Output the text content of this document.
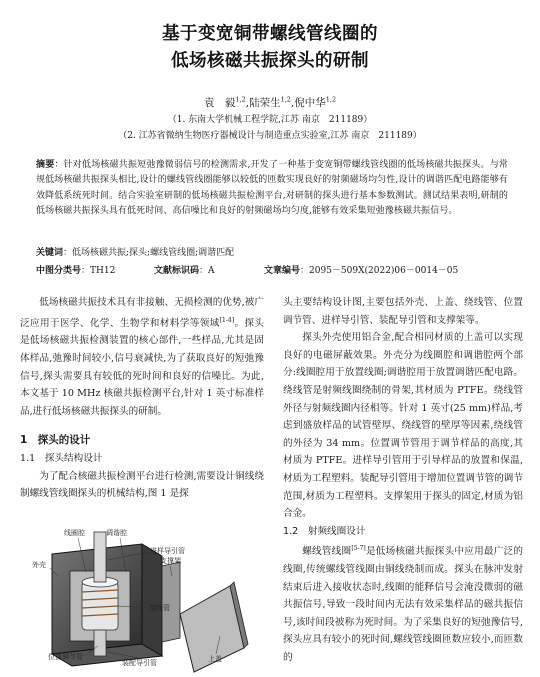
基于变宽铜带螺线管线圈的
低场核磁共振探头的研制
袁　毅$^{1,2}$,陆荣生$^{1,2}$,倪中华$^{1,2}$
（1. 东南大学机械工程学院,江苏 南京　211189）
（2. 江苏省微纳生物医疗器械设计与制造重点实验室,江苏 南京　211189）
摘要：针对低场核磁共振短弛豫微弱信号的检测需求,开发了一种基于变宽铜带螺线管线圈的低场核磁共振探头。与常规低场核磁共振探头相比,设计的螺线管线圈能够以较低的匝数实现良好的射频磁场均匀性,设计的调谐匹配电路能够有效降低系统死时间。结合实验室研制的低场核磁共振检测平台,对研制的探头进行基本参数测试。测试结果表明,研制的低场核磁共振探头具有低死时间、高信噪比和良好的射频磁场均匀度,能够有效采集短弛豫核磁共振信号。
关键词：低场核磁共振;探头;螺线管线圈;调谐匹配
中图分类号：TH12	文献标识码：A	文章编号：2095－509X(2022)06－0014－05

低场核磁共振技术具有非接触、无损检测的优势,被广泛应用于医学、化学、生物学和材料学等领域[1-4]。探头是低场核磁共振检测装置的核心部件,一些样品,尤其是固体样品,弛豫时间较小,信号衰减快,为了获取良好的短弛豫信号,探头需要具有较低的死时间和良好的信噪比。为此,本文基于 10 MHz 核磁共振检测平台,针对 1 英寸标准样品,进行低场核磁共振探头的研制。

1　探头的设计

1.1　探头结构设计

为了配合核磁共振检测平台进行检测,需要设计铜线绕制螺线管线圈探头的机械结构,图 1 是探

线圈腔	调谐腔
进样导引管
支撑架
外壳
绕线管
位置调节管
装配导引管	上盖

头主要结构设计图,主要包括外壳、上盖、绕线管、位置调节管、进样导引管、装配导引管和支撑架等。

探头外壳使用铝合金,配合相同材质的上盖可以实现良好的电磁屏蔽效果。外壳分为线圈腔和调谐腔两个部分:线圈腔用于放置线圈;调谐腔用于放置调谐匹配电路。绕线管是射频线圈绕制的骨架,其材质为 PTFE。绕线管外径与射频线圈内径相等。针对 1 英寸(25 mm)样品,考虑到盛放样品的试管壁厚、绕线管的壁厚等因素,绕线管的外径为 34 mm。位置调节管用于调节样品的高度,其材质为 PTFE。进样导引管用于引导样品的放置和保温,材质为工程塑料。装配导引管用于增加位置调节管的调节范围,材质为工程塑料。支撑架用于探头的固定,材质为铝合金。

1.2　射频线圈设计

螺线管线圈[5-7]是低场核磁共振探头中应用最广泛的线圈,传统螺线管线圈由铜线绕制而成。探头在脉冲发射结束后进入接收状态时,线圈的能释信号会淹没微弱的磁共振信号,导致一段时间内无法有效采集样品的磁共振信号,该时间段被称为死时间。为了采集良好的短弛豫信号,探头应具有较小的死时间,螺线管线圈匝数应较小,而匝数的
